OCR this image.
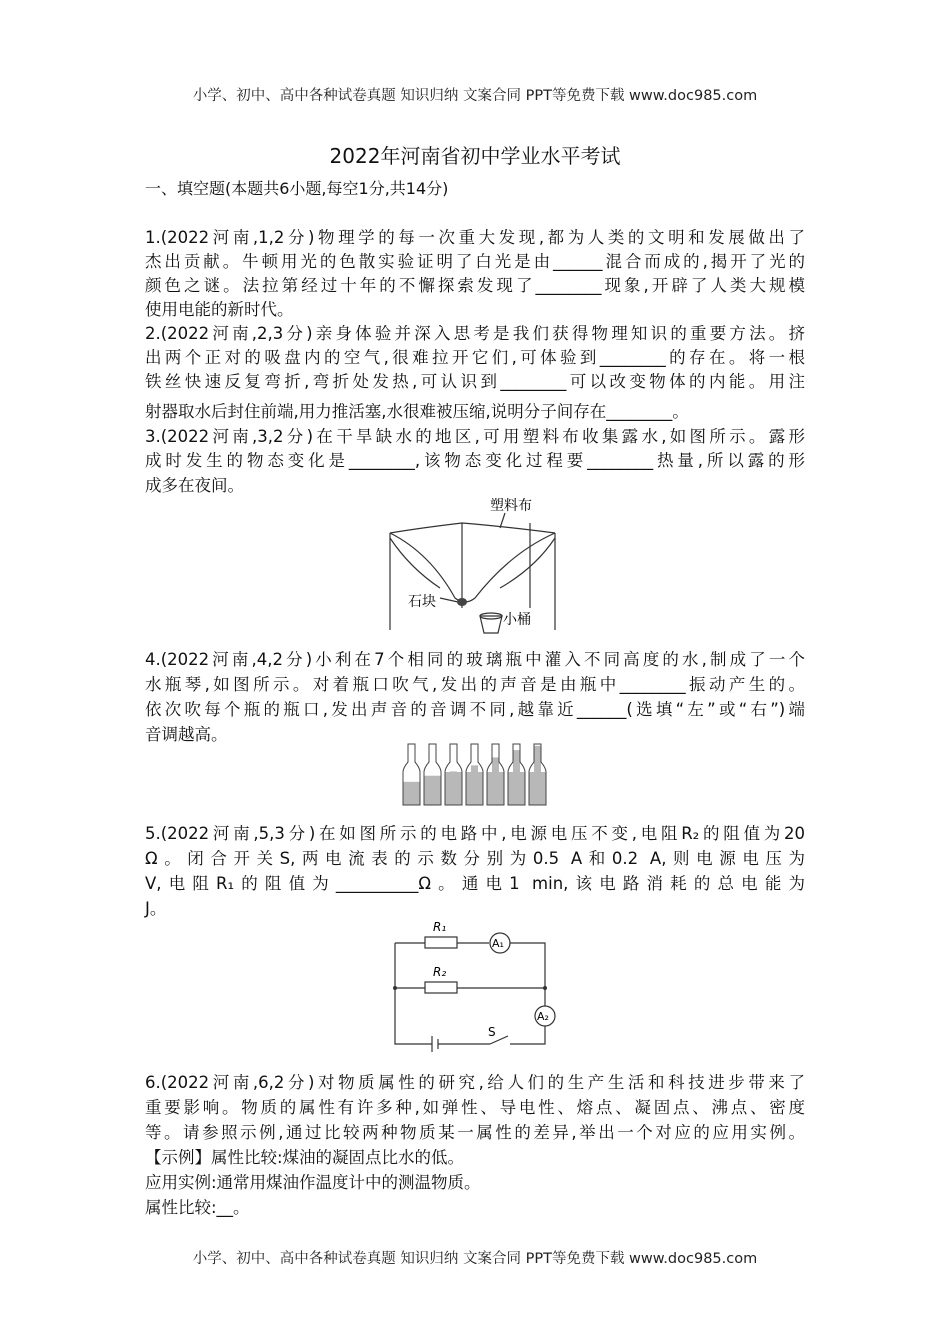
小学、初中、高中各种试卷真题 知识归纳 文案合同 PPT等免费下载 www.doc985.com
2022年河南省初中学业水平考试
一、填空题(本题共6小题,每空1分,共14分)
1.(2022河南,1,2分)物理学的每一次重大发现,都为人类的文明和发展做出了
杰出贡献。牛顿用光的色散实验证明了白光是由______混合而成的,揭开了光的
颜色之谜。法拉第经过十年的不懈探索发现了________现象,开辟了人类大规模
使用电能的新时代。
2.(2022河南,2,3分)亲身体验并深入思考是我们获得物理知识的重要方法。挤
出两个正对的吸盘内的空气,很难拉开它们,可体验到________的存在。将一根
铁丝快速反复弯折,弯折处发热,可认识到________可以改变物体的内能。用注
射器取水后封住前端,用力推活塞,水很难被压缩,说明分子间存在________。
3.(2022河南,3,2分)在干旱缺水的地区,可用塑料布收集露水,如图所示。露形
成时发生的物态变化是________,该物态变化过程要________热量,所以露的形
成多在夜间。
塑料布
石块
小桶
4.(2022河南,4,2分)小利在7个相同的玻璃瓶中灌入不同高度的水,制成了一个
水瓶琴,如图所示。对着瓶口吹气,发出的声音是由瓶中________振动产生的。
依次吹每个瓶的瓶口,发出声音的音调不同,越靠近______(选填“左”或“右”)端
音调越高。
5.(2022河南,5,3分)在如图所示的电路中,电源电压不变,电阻R₂的阻值为20
Ω。闭合开关S,两电流表的示数分别为0.5 A和0.2 A,则电源电压为
V,电阻R₁的阻值为__________Ω。通电1 min,该电路消耗的总电能为
J。
R₁
R₂
A₁
A₂
S
6.(2022河南,6,2分)对物质属性的研究,给人们的生产生活和科技进步带来了
重要影响。物质的属性有许多种,如弹性、导电性、熔点、凝固点、沸点、密度
等。请参照示例,通过比较两种物质某一属性的差异,举出一个对应的应用实例。
【示例】属性比较:煤油的凝固点比水的低。
应用实例:通常用煤油作温度计中的测温物质。
属性比较:__。
小学、初中、高中各种试卷真题 知识归纳 文案合同 PPT等免费下载 www.doc985.com
